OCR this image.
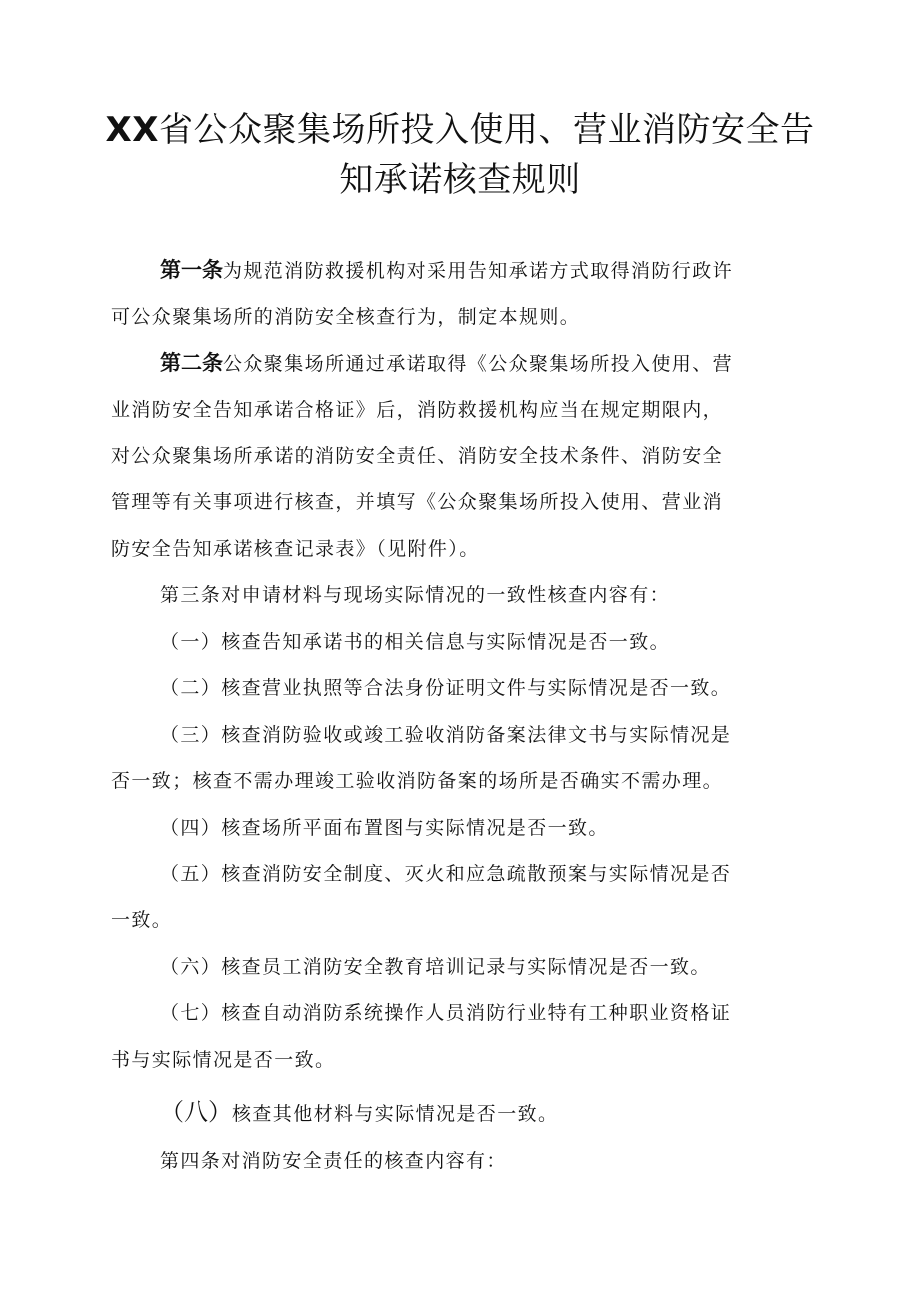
XX省公众聚集场所投入使用、营业消防安全告
知承诺核查规则
第一条为规范消防救援机构对采用告知承诺方式取得消防行政许
可公众聚集场所的消防安全核查行为，制定本规则。
第二条公众聚集场所通过承诺取得《公众聚集场所投入使用、营
业消防安全告知承诺合格证》后，消防救援机构应当在规定期限内，
对公众聚集场所承诺的消防安全责任、消防安全技术条件、消防安全
管理等有关事项进行核查，并填写《公众聚集场所投入使用、营业消
防安全告知承诺核查记录表》（见附件）。
第三条对申请材料与现场实际情况的一致性核查内容有：
（一）核查告知承诺书的相关信息与实际情况是否一致。
（二）核查营业执照等合法身份证明文件与实际情况是否一致。
（三）核查消防验收或竣工验收消防备案法律文书与实际情况是
否一致；核查不需办理竣工验收消防备案的场所是否确实不需办理。
（四）核查场所平面布置图与实际情况是否一致。
（五）核查消防安全制度、灭火和应急疏散预案与实际情况是否
一致。
（六）核查员工消防安全教育培训记录与实际情况是否一致。
（七）核查自动消防系统操作人员消防行业特有工种职业资格证
书与实际情况是否一致。
（八）核查其他材料与实际情况是否一致。
第四条对消防安全责任的核查内容有：
